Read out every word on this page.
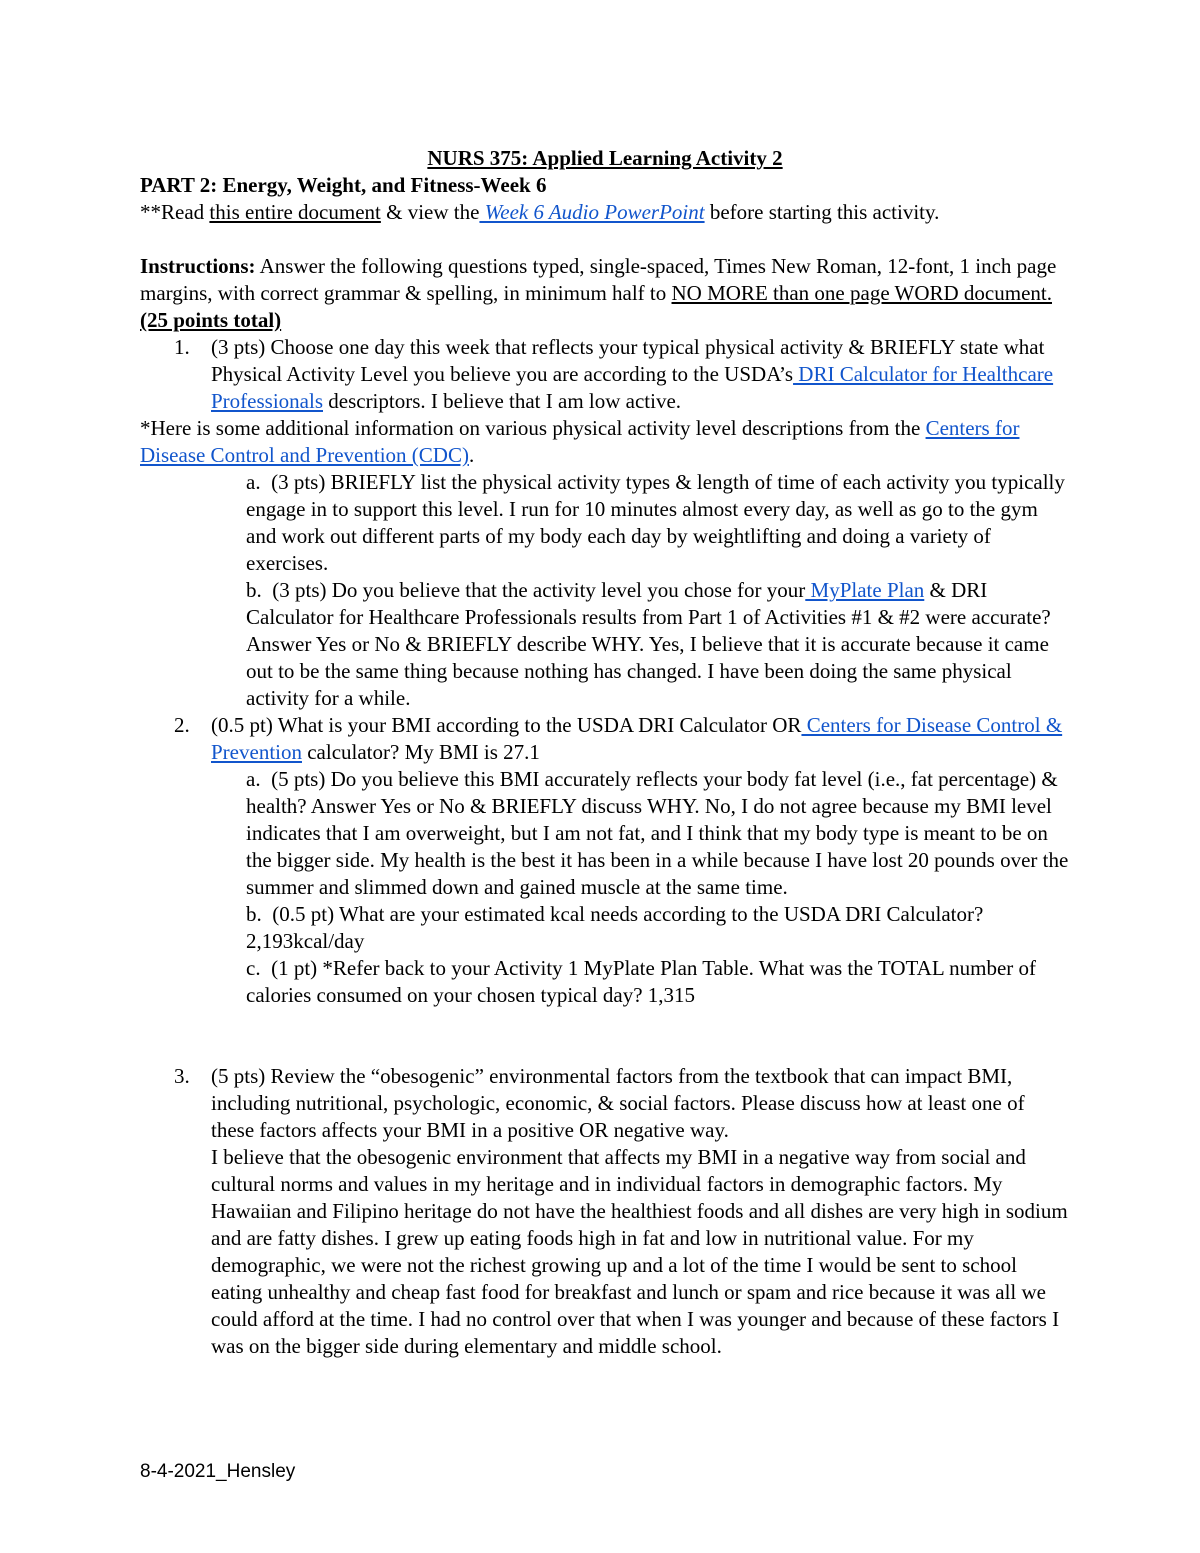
NURS 375: Applied Learning Activity 2
PART 2: Energy, Weight, and Fitness-Week 6
**Read this entire document & view the Week 6 Audio PowerPoint before starting this activity.
Instructions: Answer the following questions typed, single-spaced, Times New Roman, 12-font, 1 inch page margins, with correct grammar & spelling, in minimum half to NO MORE than one page WORD document. (25 points total)
1. (3 pts) Choose one day this week that reflects your typical physical activity & BRIEFLY state what Physical Activity Level you believe you are according to the USDA’s DRI Calculator for Healthcare Professionals descriptors. I believe that I am low active.
*Here is some additional information on various physical activity level descriptions from the Centers for Disease Control and Prevention (CDC).
a. (3 pts) BRIEFLY list the physical activity types & length of time of each activity you typically engage in to support this level. I run for 10 minutes almost every day, as well as go to the gym and work out different parts of my body each day by weightlifting and doing a variety of exercises.
b. (3 pts) Do you believe that the activity level you chose for your MyPlate Plan & DRI Calculator for Healthcare Professionals results from Part 1 of Activities #1 & #2 were accurate? Answer Yes or No & BRIEFLY describe WHY. Yes, I believe that it is accurate because it came out to be the same thing because nothing has changed. I have been doing the same physical activity for a while.
2. (0.5 pt) What is your BMI according to the USDA DRI Calculator OR Centers for Disease Control & Prevention calculator? My BMI is 27.1
a. (5 pts) Do you believe this BMI accurately reflects your body fat level (i.e., fat percentage) & health? Answer Yes or No & BRIEFLY discuss WHY. No, I do not agree because my BMI level indicates that I am overweight, but I am not fat, and I think that my body type is meant to be on the bigger side. My health is the best it has been in a while because I have lost 20 pounds over the summer and slimmed down and gained muscle at the same time.
b. (0.5 pt) What are your estimated kcal needs according to the USDA DRI Calculator? 2,193kcal/day
c. (1 pt) *Refer back to your Activity 1 MyPlate Plan Table. What was the TOTAL number of calories consumed on your chosen typical day? 1,315
3. (5 pts) Review the “obesogenic” environmental factors from the textbook that can impact BMI, including nutritional, psychologic, economic, & social factors. Please discuss how at least one of these factors affects your BMI in a positive OR negative way.
I believe that the obesogenic environment that affects my BMI in a negative way from social and cultural norms and values in my heritage and in individual factors in demographic factors. My Hawaiian and Filipino heritage do not have the healthiest foods and all dishes are very high in sodium and are fatty dishes. I grew up eating foods high in fat and low in nutritional value. For my demographic, we were not the richest growing up and a lot of the time I would be sent to school eating unhealthy and cheap fast food for breakfast and lunch or spam and rice because it was all we could afford at the time. I had no control over that when I was younger and because of these factors I was on the bigger side during elementary and middle school.
8-4-2021_Hensley
